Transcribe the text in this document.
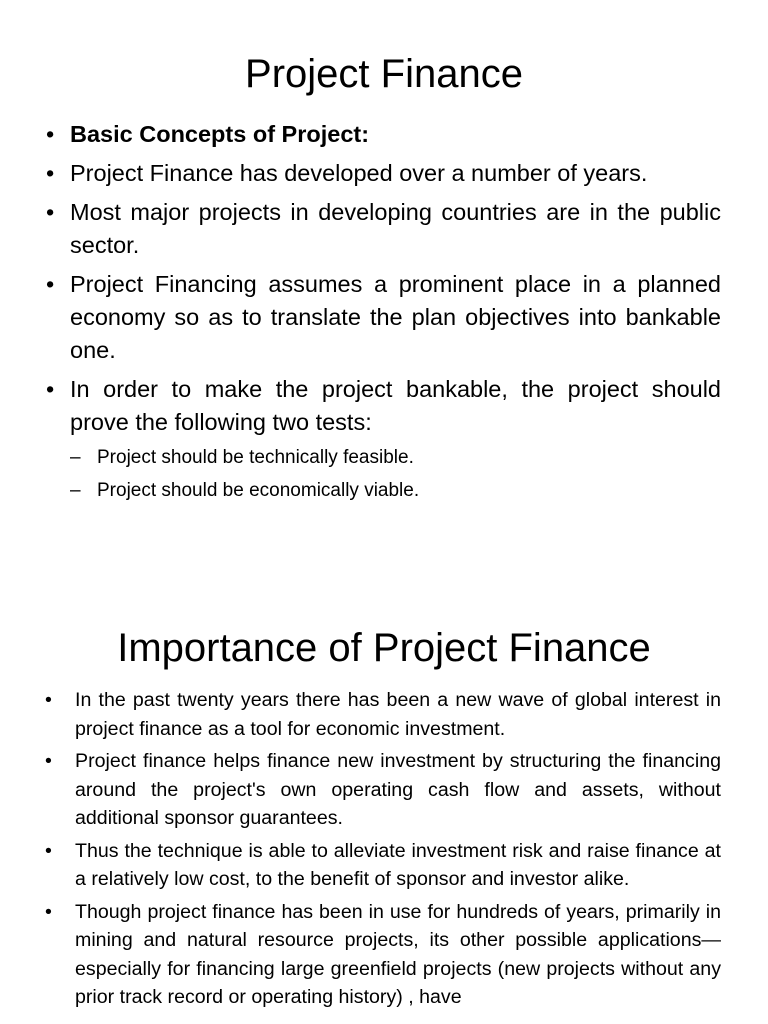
Project Finance
• Basic Concepts of Project:
• Project Finance has developed over a number of years.
• Most major projects in developing countries are in the public sector.
• Project Financing assumes a prominent place in a planned economy so as to translate the plan objectives into bankable one.
• In order to make the project bankable, the project should prove the following two tests:
– Project should be technically feasible.
– Project should be economically viable.
Importance of Project Finance
• In the past twenty years there has been a new wave of global interest in project finance as a tool for economic investment.
• Project finance helps finance new investment by structuring the financing around the project's own operating cash flow and assets, without additional sponsor guarantees.
• Thus the technique is able to alleviate investment risk and raise finance at a relatively low cost, to the benefit of sponsor and investor alike.
• Though project finance has been in use for hundreds of years, primarily in mining and natural resource projects, its other possible applications—especially for financing large greenfield projects (new projects without any prior track record or operating history) , have
